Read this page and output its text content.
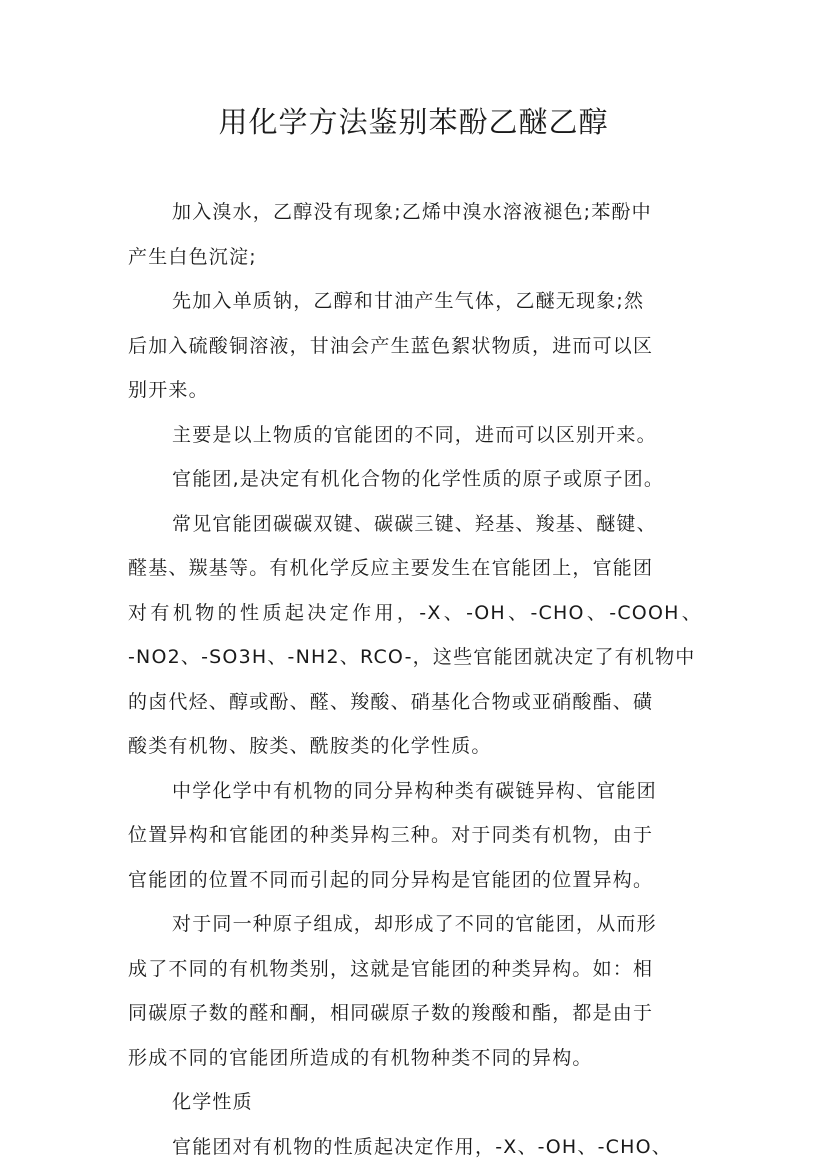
用化学方法鉴别苯酚乙醚乙醇
加入溴水，乙醇没有现象;乙烯中溴水溶液褪色;苯酚中
产生白色沉淀;
先加入单质钠，乙醇和甘油产生气体，乙醚无现象;然
后加入硫酸铜溶液，甘油会产生蓝色絮状物质，进而可以区
别开来。
主要是以上物质的官能团的不同，进而可以区别开来。
官能团,是决定有机化合物的化学性质的原子或原子团。
常见官能团碳碳双键、碳碳三键、羟基、羧基、醚键、
醛基、羰基等。有机化学反应主要发生在官能团上，官能团
对有机物的性质起决定作用，-X、-OH、-CHO、-COOH、
-NO2、-SO3H、-NH2、RCO-，这些官能团就决定了有机物中
的卤代烃、醇或酚、醛、羧酸、硝基化合物或亚硝酸酯、磺
酸类有机物、胺类、酰胺类的化学性质。
中学化学中有机物的同分异构种类有碳链异构、官能团
位置异构和官能团的种类异构三种。对于同类有机物，由于
官能团的位置不同而引起的同分异构是官能团的位置异构。
对于同一种原子组成，却形成了不同的官能团，从而形
成了不同的有机物类别，这就是官能团的种类异构。如：相
同碳原子数的醛和酮，相同碳原子数的羧酸和酯，都是由于
形成不同的官能团所造成的有机物种类不同的异构。
化学性质
官能团对有机物的性质起决定作用，-X、-OH、-CHO、
